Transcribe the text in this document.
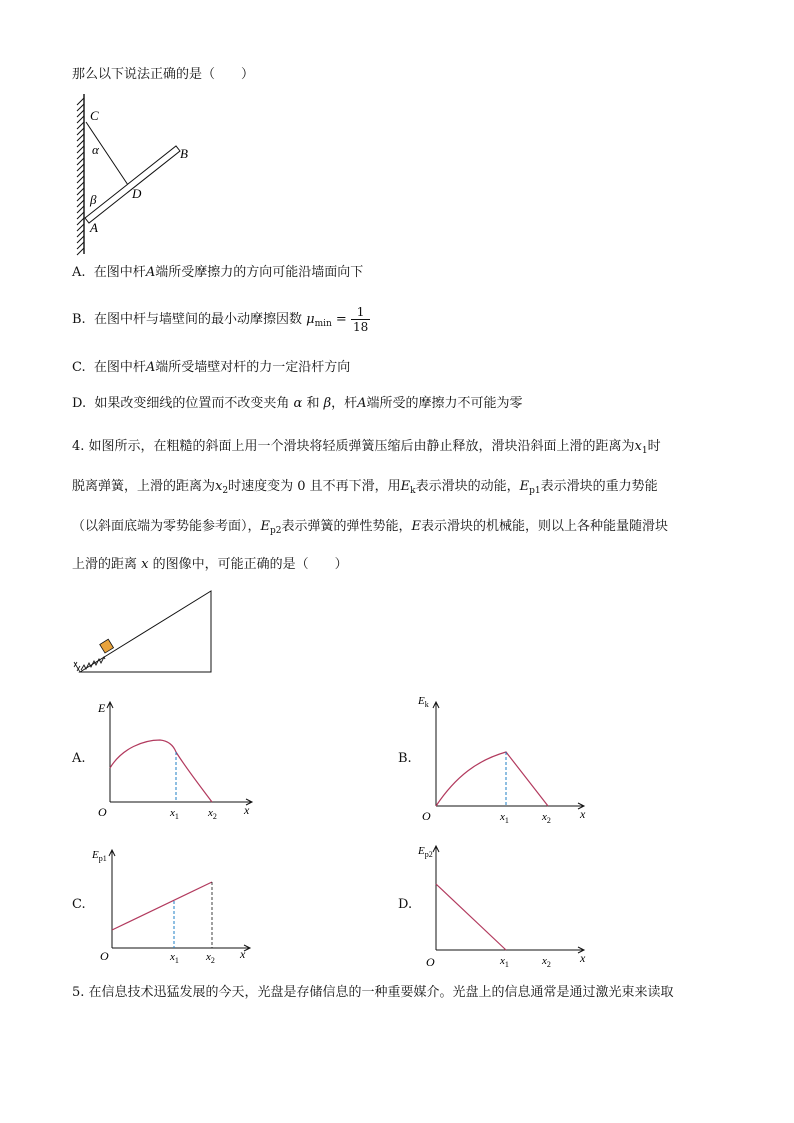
那么以下说法正确的是（　　）
C
α	B
D
β
A
A. 在图中杆A端所受摩擦力的方向可能沿墙面向下
B. 在图中杆与墙壁间的最小动摩擦因数 $\mu_{min} = \frac{1}{18}$
C. 在图中杆A端所受墙壁对杆的力一定沿杆方向
D. 如果改变细线的位置而不改变夹角 α 和 β，杆A端所受的摩擦力不可能为零
4. 如图所示，在粗糙的斜面上用一个滑块将轻质弹簧压缩后由静止释放，滑块沿斜面上滑的距离为$x_1$时
脱离弹簧，上滑的距离为$x_2$时速度变为 0 且不再下滑，用$E_k$表示滑块的动能，$E_{p1}$表示滑块的重力势能
（以斜面底端为零势能参考面），$E_{p2}$表示弹簧的弹性势能，E表示滑块的机械能，则以上各种能量随滑块
上滑的距离 x 的图像中，可能正确的是（　　）
A.
E
O	$x_1$	$x_2$ x
B.
$E_k$
O	$x_1$	$x_2$ x
C.
$E_{p1}$
O	$x_1$ $x_2$ x
D.
$E_{p2}$
O	$x_1$	$x_2$ x
5. 在信息技术迅猛发展的今天，光盘是存储信息的一种重要媒介。光盘上的信息通常是通过激光束来读取
